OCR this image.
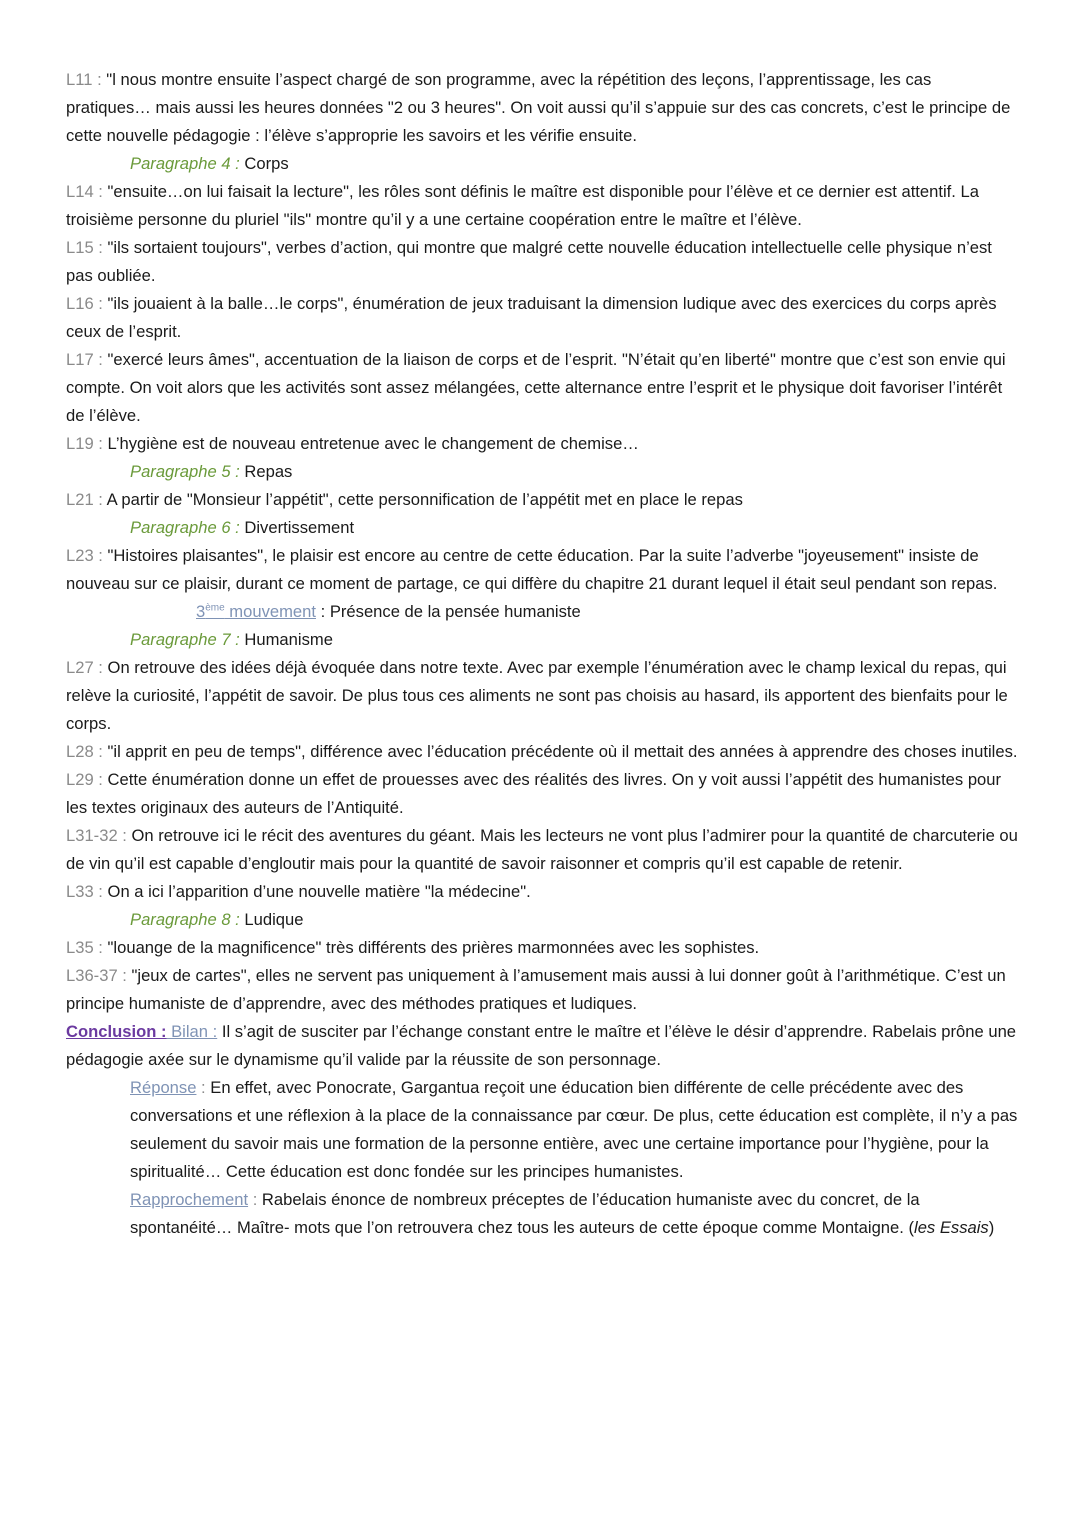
L11 : "l nous montre ensuite l’aspect chargé de son programme, avec la répétition des leçons, l’apprentissage, les cas pratiques… mais aussi les heures données "2 ou 3 heures". On voit aussi qu’il s’appuie sur des cas concrets, c’est le principe de cette nouvelle pédagogie : l’élève s’approprie les savoirs et les vérifie ensuite.

Paragraphe 4 : Corps

L14 : "ensuite…on lui faisait la lecture", les rôles sont définis le maître est disponible pour l’élève et ce dernier est attentif. La troisième personne du pluriel "ils" montre qu’il y a une certaine coopération entre le maître et l’élève.

L15 : "ils sortaient toujours", verbes d’action, qui montre que malgré cette nouvelle éducation intellectuelle celle physique n’est pas oubliée.

L16 : "ils jouaient à la balle…le corps", énumération de jeux traduisant la dimension ludique avec des exercices du corps après ceux de l’esprit.

L17 : "exercé leurs âmes", accentuation de la liaison de corps et de l’esprit. "N’était qu’en liberté" montre que c’est son envie qui compte. On voit alors que les activités sont assez mélangées, cette alternance entre l’esprit et le physique doit favoriser l’intérêt de l’élève.

L19 : L’hygiène est de nouveau entretenue avec le changement de chemise…

Paragraphe 5 : Repas

L21 : A partir de "Monsieur l’appétit", cette personnification de l’appétit met en place le repas

Paragraphe 6 : Divertissement

L23 : "Histoires plaisantes", le plaisir est encore au centre de cette éducation. Par la suite l’adverbe "joyeusement" insiste de nouveau sur ce plaisir, durant ce moment de partage, ce qui diffère du chapitre 21 durant lequel il était seul pendant son repas.

3ème mouvement : Présence de la pensée humaniste

Paragraphe 7 : Humanisme

L27 : On retrouve des idées déjà évoquée dans notre texte. Avec par exemple l’énumération avec le champ lexical du repas, qui relève la curiosité, l’appétit de savoir. De plus tous ces aliments ne sont pas choisis au hasard, ils apportent des bienfaits pour le corps.

L28 : "il apprit en peu de temps", différence avec l’éducation précédente où il mettait des années à apprendre des choses inutiles.

L29 : Cette énumération donne un effet de prouesses avec des réalités des livres. On y voit aussi l’appétit des humanistes pour les textes originaux des auteurs de l’Antiquité.

L31-32 : On retrouve ici le récit des aventures du géant. Mais les lecteurs ne vont plus l’admirer pour la quantité de charcuterie ou de vin qu’il est capable d’engloutir mais pour la quantité de savoir raisonner et compris qu’il est capable de retenir.

L33 : On a ici l’apparition d’une nouvelle matière "la médecine".

Paragraphe 8 : Ludique

L35 : "louange de la magnificence" très différents des prières marmonnées avec les sophistes.

L36-37 : "jeux de cartes", elles ne servent pas uniquement à l’amusement mais aussi à lui donner goût à l’arithmétique. C’est un principe humaniste de d’apprendre, avec des méthodes pratiques et ludiques.

Conclusion : Bilan : Il s’agit de susciter par l’échange constant entre le maître et l’élève le désir d’apprendre. Rabelais prône une pédagogie axée sur le dynamisme qu’il valide par la réussite de son personnage.

Réponse : En effet, avec Ponocrate, Gargantua reçoit une éducation bien différente de celle précédente avec des conversations et une réflexion à la place de la connaissance par cœur. De plus, cette éducation est complète, il n’y a pas seulement du savoir mais une formation de la personne entière, avec une certaine importance pour l’hygiène, pour la spiritualité… Cette éducation est donc fondée sur les principes humanistes.

Rapprochement : Rabelais énonce de nombreux préceptes de l’éducation humaniste avec du concret, de la spontanéité… Maître- mots que l’on retrouvera chez tous les auteurs de cette époque comme Montaigne. (les Essais)
